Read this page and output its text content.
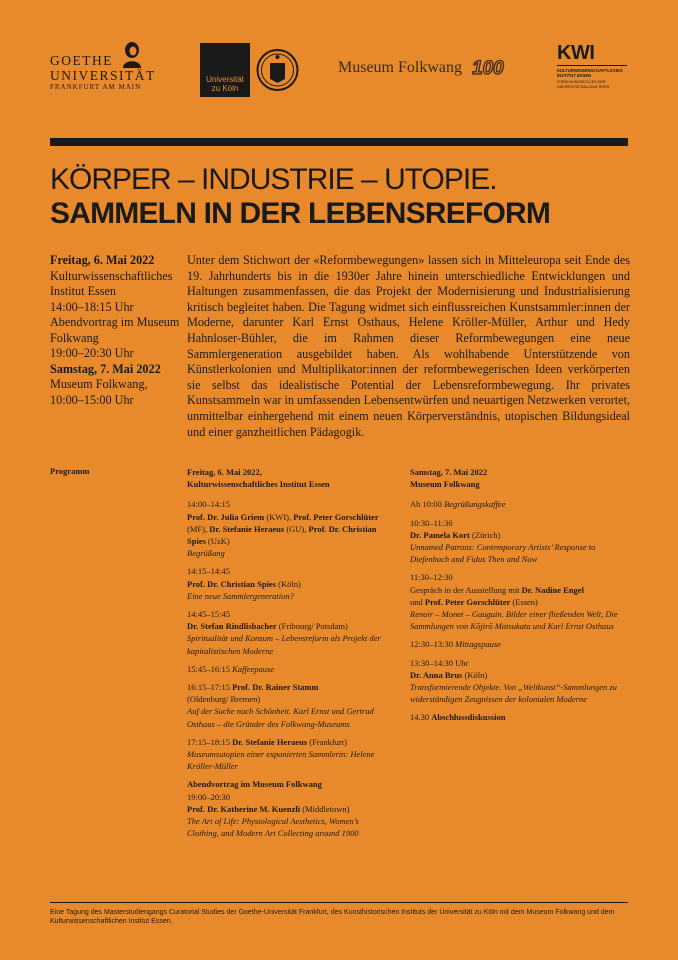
GOETHE
UNIVERSITÄT
FRANKFURT AM MAIN
Universität
zu Köln
Museum Folkwang 100
KWI
KULTURWISSENSCHAFTLICHES INSTITUT ESSEN
FORSCHUNGSKOLLEG DER UNIVERSITÄTSALLIANZ RUHR
KÖRPER – INDUSTRIE – UTOPIE.
SAMMELN IN DER LEBENSREFORM
Freitag, 6. Mai 2022
Kulturwissenschaftliches Institut Essen
14:00–18:15 Uhr
Abendvortrag im Museum Folkwang
19:00–20:30 Uhr
Samstag, 7. Mai 2022
Museum Folkwang,
10:00–15:00 Uhr

Unter dem Stichwort der «Reformbewegungen» lassen sich in Mitteleuropa seit Ende des 19. Jahrhunderts bis in die 1930er Jahre hinein unterschiedliche Entwicklungen und Haltungen zusammenfassen, die das Projekt der Modernisierung und Industrialisierung kritisch begleitet haben. Die Tagung widmet sich einflussreichen Kunstsammler:innen der Moderne, darunter Karl Ernst Osthaus, Helene Kröller-Müller, Arthur und Hedy Hahnloser-Bühler, die im Rahmen dieser Reformbewegungen eine neue Sammlergeneration ausgebildet haben. Als wohlhabende Unterstützende von Künstlerkolonien und Multiplikator:innen der reformbewegerischen Ideen verkörperten sie selbst das idealistische Potential der Lebensreformbewegung. Ihr privates Kunstsammeln war in umfassenden Lebensentwürfen und neuartigen Netzwerken verortet, unmittelbar einhergehend mit einem neuen Körperverständnis, utopischen Bildungsideal und einer ganzheitlichen Pädagogik.

Programm	Freitag, 6. Mai 2022,
Kulturwissenschaftliches Institut Essen
14:00–14:15
Prof. Dr. Julia Griem (KWI), Prof. Peter Gorschlüter (MF), Dr. Stefanie Heraeus (GU), Prof. Dr. Christian Spies (UzK)
Begrüßung
14:15–14:45
Prof. Dr. Christian Spies (Köln)
Eine neue Sammlergeneration?
14:45–15:45
Dr. Stefan Rindlisbacher (Fribourg/ Potsdam)
Spiritualität und Konsum – Lebensreform als Projekt der kapitalistischen Moderne
15:45–16:15 Kaffeepause
16:15–17:15 Prof. Dr. Rainer Stamm
(Oldenburg/ Bremen)
Auf der Suche nach Schönheit. Karl Ernst und Gertrud Osthaus – die Gründer des Folkwang-Museums
17:15–18:15 Dr. Stefanie Heraeus (Frankfurt)
Museumsutopien einer exponierten Sammlerin: Helene Kröller-Müller
Abendvortrag im Museum Folkwang
19:00–20:30
Prof. Dr. Katherine M. Kuenzli (Middletown)
The Art of Life: Physiological Aesthetics, Women’s Clothing, and Modern Art Collecting around 1900
Samstag, 7. Mai 2022
Museum Folkwang
Ab 10:00 Begrüßungskaffee
10:30–11:30
Dr. Pamela Kort (Zürich)
Unnamed Patrons: Contemporary Artists’ Response to Diefenbach and Fidus Then and Now
11:30–12:30
Gespräch in der Ausstellung mit Dr. Nadine Engel
und Prof. Peter Gorschlüter (Essen)
Renoir – Monet – Gauguin. Bilder einer fließenden Welt, Die Sammlungen von Kōjirō Matsukata und Karl Ernst Osthaus
12:30–13:30 Mittagspause
13:30–14:30 Uhr
Dr. Anna Brus (Köln)
Transformierende Objekte. Von „Weltkunst“-Sammlungen zu widerständigen Zeugnissen der kolonialen Moderne
14.30 Abschlussdiskussion
Eine Tagung des Masterstudiengangs Curatorial Studies der Goethe-Universität Frankfurt, des Kunsthistorischen Instituts der Universität zu Köln mit dem Museum Folkwang und dem Kulturwissenschaftlichen Institut Essen.
